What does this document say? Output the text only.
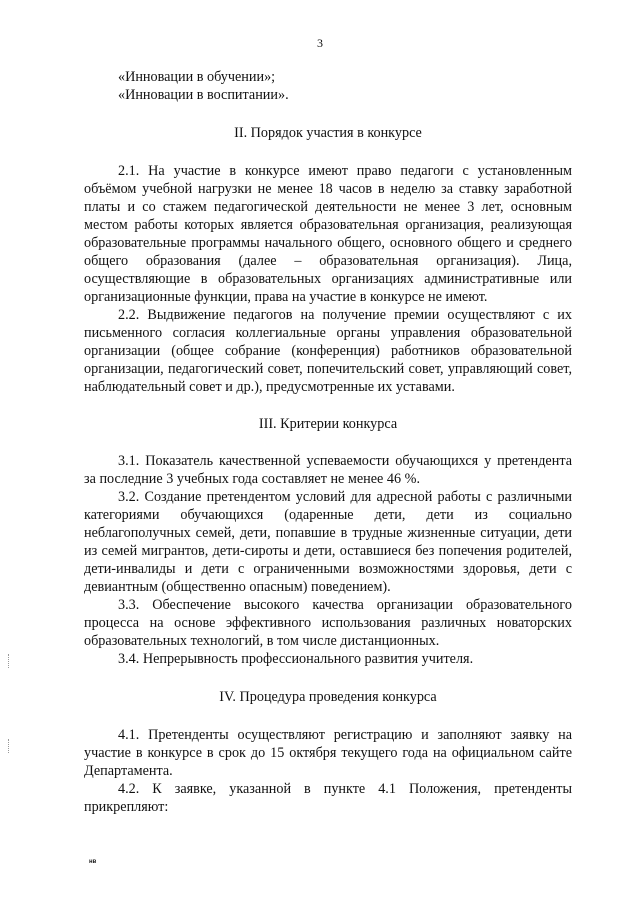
3

«Инновации в обучении»;

«Инновации в воспитании».

II. Порядок участия в конкурсе

2.1. На участие в конкурсе имеют право педагоги с установленным объёмом учебной нагрузки не менее 18 часов в неделю за ставку заработной платы и со стажем педагогической деятельности не менее 3 лет, основным местом работы которых является образовательная организация, реализующая образовательные программы начального общего, основного общего и среднего общего образования (далее – образовательная организация). Лица, осуществляющие в образовательных организациях административные или организационные функции, права на участие в конкурсе не имеют.

2.2. Выдвижение педагогов на получение премии осуществляют с их письменного согласия коллегиальные органы управления образовательной организации (общее собрание (конференция) работников образовательной организации, педагогический совет, попечительский совет, управляющий совет, наблюдательный совет и др.), предусмотренные их уставами.

III. Критерии конкурса

3.1. Показатель качественной успеваемости обучающихся у претендента за последние 3 учебных года составляет не менее 46 %.

3.2. Создание претендентом условий для адресной работы с различными категориями обучающихся (одаренные дети, дети из социально неблагополучных семей, дети, попавшие в трудные жизненные ситуации, дети из семей мигрантов, дети-сироты и дети, оставшиеся без попечения родителей, дети-инвалиды и дети с ограниченными возможностями здоровья, дети с девиантным (общественно опасным) поведением).

3.3. Обеспечение высокого качества организации образовательного процесса на основе эффективного использования различных новаторских образовательных технологий, в том числе дистанционных.

3.4. Непрерывность профессионального развития учителя.

IV. Процедура проведения конкурса

4.1. Претенденты осуществляют регистрацию и заполняют заявку на участие в конкурсе в срок до 15 октября текущего года на официальном сайте Департамента.

4.2. К заявке, указанной в пункте 4.1 Положения, претенденты прикрепляют:

нв
